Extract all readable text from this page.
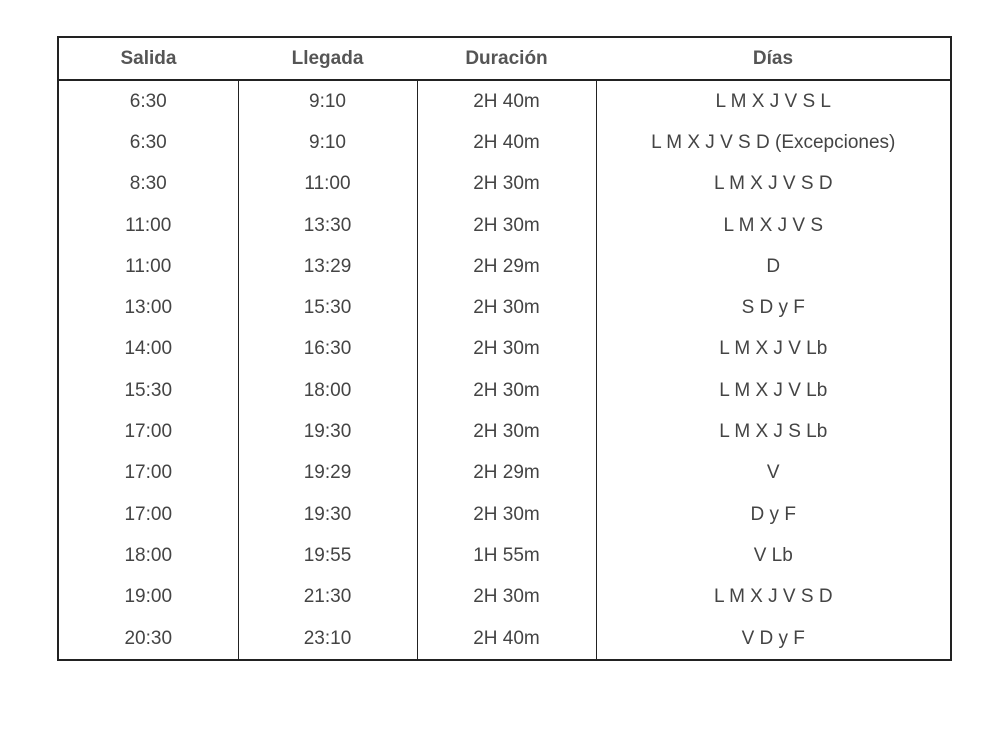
Salida	Llegada	Duración	Días
6:30	9:10	2H 40m	L M X J V S L
6:30	9:10	2H 40m	L M X J V S D (Excepciones)
8:30	11:00	2H 30m	L M X J V S D
11:00	13:30	2H 30m	L M X J V S
11:00	13:29	2H 29m	D
13:00	15:30	2H 30m	S D y F
14:00	16:30	2H 30m	L M X J V Lb
15:30	18:00	2H 30m	L M X J V Lb
17:00	19:30	2H 30m	L M X J S Lb
17:00	19:29	2H 29m	V
17:00	19:30	2H 30m	D y F
18:00	19:55	1H 55m	V Lb
19:00	21:30	2H 30m	L M X J V S D
20:30	23:10	2H 40m	V D y F
